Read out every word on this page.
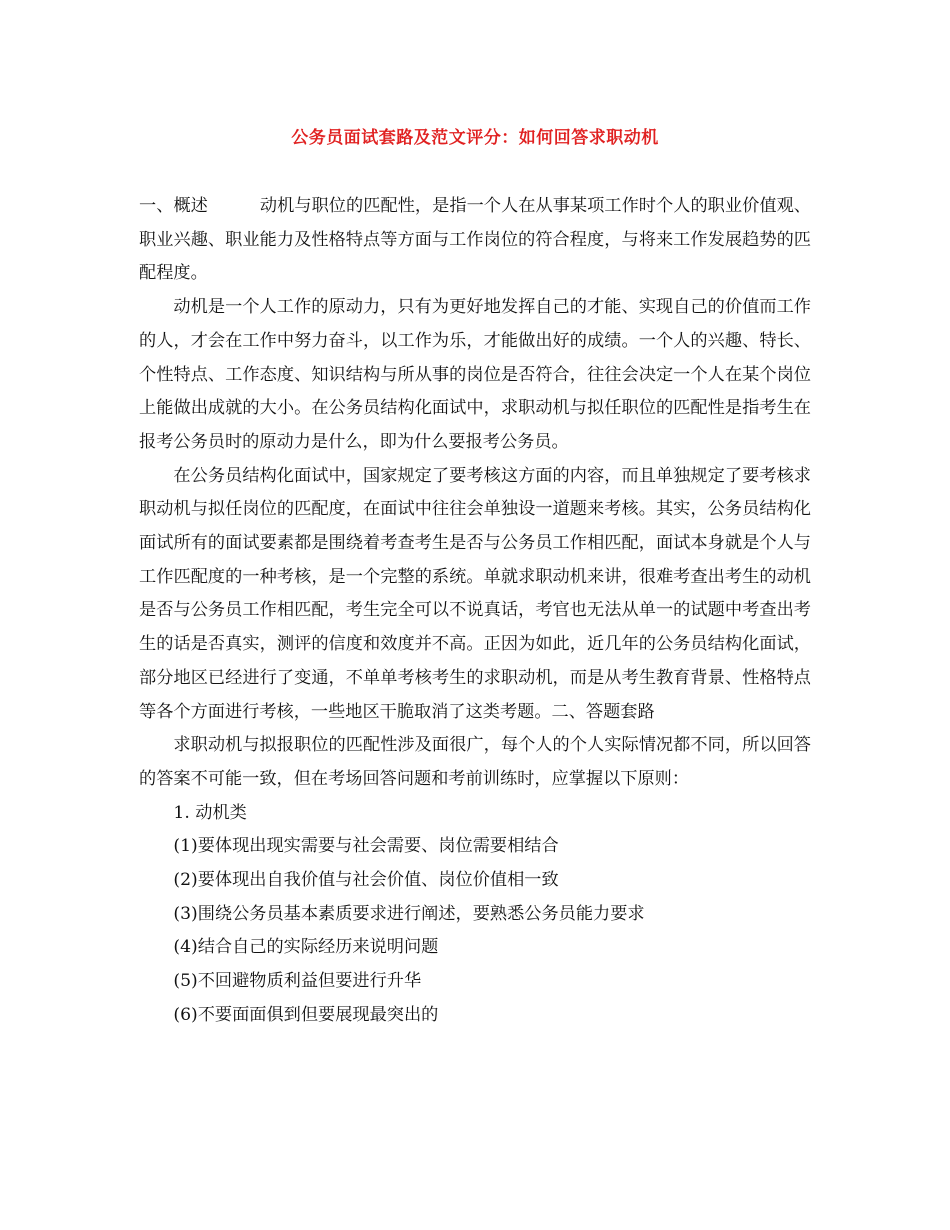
公务员面试套路及范文评分：如何回答求职动机

一、概述	动机与职位的匹配性，是指一个人在从事某项工作时个人的职业价值观、职业兴趣、职业能力及性格特点等方面与工作岗位的符合程度，与将来工作发展趋势的匹配程度。

动机是一个人工作的原动力，只有为更好地发挥自己的才能、实现自己的价值而工作的人，才会在工作中努力奋斗，以工作为乐，才能做出好的成绩。一个人的兴趣、特长、个性特点、工作态度、知识结构与所从事的岗位是否符合，往往会决定一个人在某个岗位上能做出成就的大小。在公务员结构化面试中，求职动机与拟任职位的匹配性是指考生在报考公务员时的原动力是什么，即为什么要报考公务员。

在公务员结构化面试中，国家规定了要考核这方面的内容，而且单独规定了要考核求职动机与拟任岗位的匹配度，在面试中往往会单独设一道题来考核。其实，公务员结构化面试所有的面试要素都是围绕着考查考生是否与公务员工作相匹配，面试本身就是个人与工作匹配度的一种考核，是一个完整的系统。单就求职动机来讲，很难考查出考生的动机是否与公务员工作相匹配，考生完全可以不说真话，考官也无法从单一的试题中考查出考生的话是否真实，测评的信度和效度并不高。正因为如此，近几年的公务员结构化面试，部分地区已经进行了变通，不单单考核考生的求职动机，而是从考生教育背景、性格特点等各个方面进行考核，一些地区干脆取消了这类考题。二、答题套路

求职动机与拟报职位的匹配性涉及面很广，每个人的个人实际情况都不同，所以回答的答案不可能一致，但在考场回答问题和考前训练时，应掌握以下原则：

1. 动机类

(1)要体现出现实需要与社会需要、岗位需要相结合

(2)要体现出自我价值与社会价值、岗位价值相一致

(3)围绕公务员基本素质要求进行阐述，要熟悉公务员能力要求

(4)结合自己的实际经历来说明问题

(5)不回避物质利益但要进行升华

(6)不要面面俱到但要展现最突出的
